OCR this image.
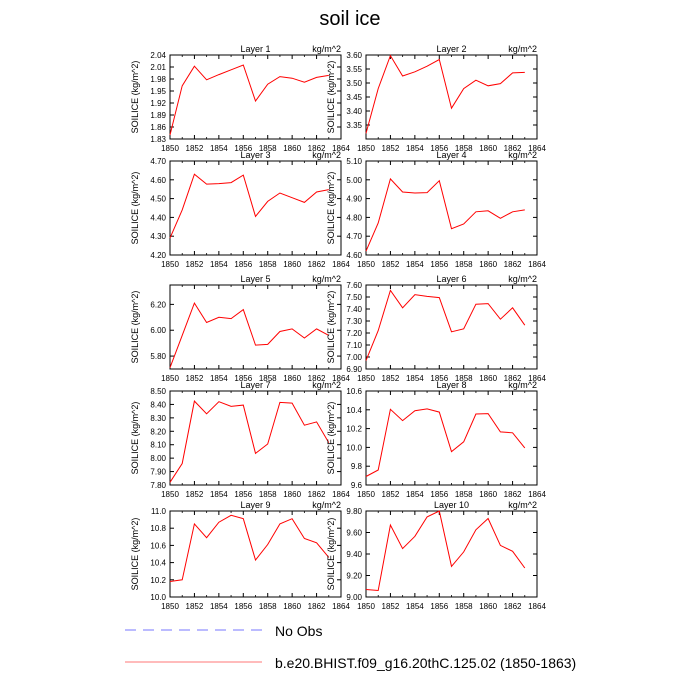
soil ice
1850 1852 1854 1856 1858 1860 1862 1864
1.83
1.86
1.89
1.92
1.95
1.98
2.01
2.04
SOILICE (kg/m^2)
Layer 1	kg/m^2
1850 1852 1854 1856 1858 1860 1862 1864
3.35
3.40
3.45
3.50
3.55
3.60
SOILICE (kg/m^2)
Layer 2	kg/m^2
1850 1852 1854 1856 1858 1860 1862 1864
4.20
4.30
4.40
4.50
4.60
4.70
SOILICE (kg/m^2)
Layer 3	kg/m^2
1850 1852 1854 1856 1858 1860 1862 1864
4.60
4.70
4.80
4.90
5.00
5.10
SOILICE (kg/m^2)
Layer 4	kg/m^2
1850 1852 1854 1856 1858 1860 1862 1864
5.80
6.00
6.20
SOILICE (kg/m^2)
Layer 5	kg/m^2
1850 1852 1854 1856 1858 1860 1862 1864
6.90
7.00
7.10
7.20
7.30
7.40
7.50
7.60
SOILICE (kg/m^2)
Layer 6	kg/m^2
1850 1852 1854 1856 1858 1860 1862 1864
7.80
7.90
8.00
8.10
8.20
8.30
8.40
8.50
SOILICE (kg/m^2)
Layer 7	kg/m^2
1850 1852 1854 1856 1858 1860 1862 1864
9.6
9.8
10.0
10.2
10.4
10.6
SOILICE (kg/m^2)
Layer 8	kg/m^2
1850 1852 1854 1856 1858 1860 1862 1864
10.0
10.2
10.4
10.6
10.8
11.0
SOILICE (kg/m^2)
Layer 9	kg/m^2
1850 1852 1854 1856 1858 1860 1862 1864
9.00
9.20
9.40
9.60
9.80
SOILICE (kg/m^2)
Layer 10	kg/m^2
No Obs
b.e20.BHIST.f09_g16.20thC.125.02 (1850-1863)
